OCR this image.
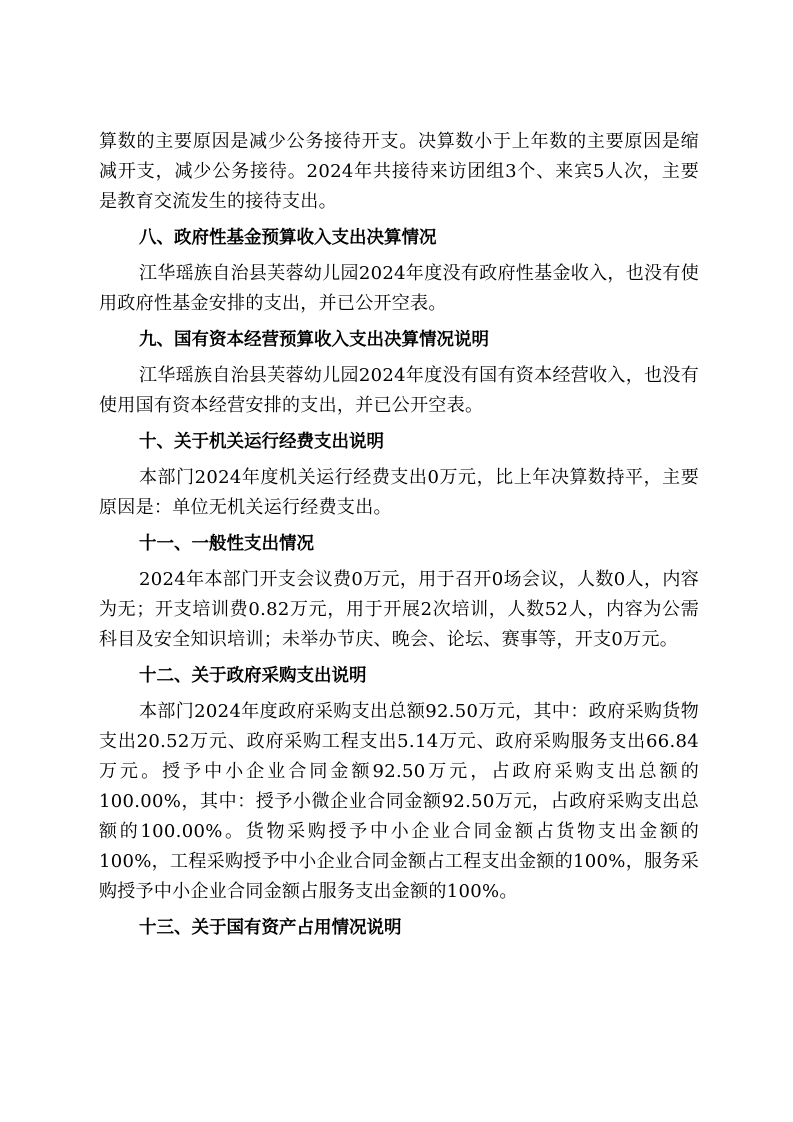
算数的主要原因是减少公务接待开支。决算数小于上年数的主要原因是缩减开支，减少公务接待。2024年共接待来访团组3个、来宾5人次，主要是教育交流发生的接待支出。

八、政府性基金预算收入支出决算情况

江华瑶族自治县芙蓉幼儿园2024年度没有政府性基金收入，也没有使用政府性基金安排的支出，并已公开空表。

九、国有资本经营预算收入支出决算情况说明

江华瑶族自治县芙蓉幼儿园2024年度没有国有资本经营收入，也没有使用国有资本经营安排的支出，并已公开空表。

十、关于机关运行经费支出说明

本部门2024年度机关运行经费支出0万元，比上年决算数持平，主要原因是：单位无机关运行经费支出。

十一、一般性支出情况

2024年本部门开支会议费0万元，用于召开0场会议，人数0人，内容为无；开支培训费0.82万元，用于开展2次培训，人数52人，内容为公需科目及安全知识培训；未举办节庆、晚会、论坛、赛事等，开支0万元。

十二、关于政府采购支出说明

本部门2024年度政府采购支出总额92.50万元，其中：政府采购货物支出20.52万元、政府采购工程支出5.14万元、政府采购服务支出66.84万元。授予中小企业合同金额92.50万元，占政府采购支出总额的100.00%，其中：授予小微企业合同金额92.50万元，占政府采购支出总额的100.00%。货物采购授予中小企业合同金额占货物支出金额的100%，工程采购授予中小企业合同金额占工程支出金额的100%，服务采购授予中小企业合同金额占服务支出金额的100%。

十三、关于国有资产占用情况说明
